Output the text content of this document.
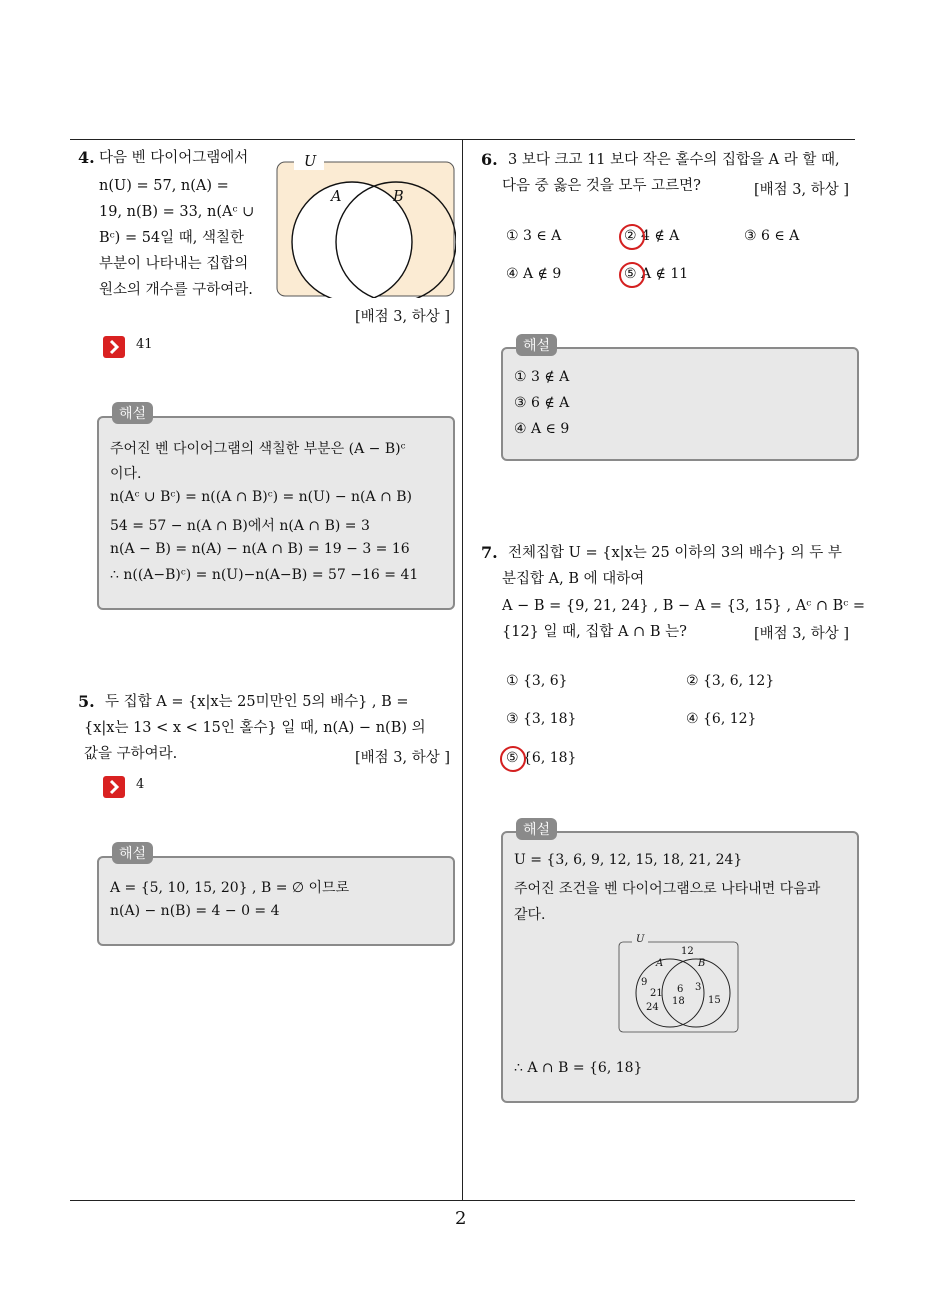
2
4. 다음 벤 다이어그램에서
n(U) = 57, n(A) =
19, n(B) = 33, n(Aᶜ ∪
Bᶜ) = 54일 때, 색칠한
부분이 나타내는 집합의
원소의 개수를 구하여라.
U
A	B
[배점 3, 하상 ]
41
해설
주어진 벤 다이어그램의 색칠한 부분은 (A − B)ᶜ
이다.
n(Aᶜ ∪ Bᶜ) = n((A ∩ B)ᶜ) = n(U) − n(A ∩ B)
54 = 57 − n(A ∩ B)에서 n(A ∩ B) = 3
n(A − B) = n(A) − n(A ∩ B) = 19 − 3 = 16
∴ n((A−B)ᶜ) = n(U)−n(A−B) = 57 −16 = 41
5. 두 집합 A = {x|x는 25미만인 5의 배수} , B =
{x|x는 13 < x < 15인 홀수} 일 때, n(A) − n(B) 의
값을 구하여라.	[배점 3, 하상 ]
4
해설
A = {5, 10, 15, 20} , B = ∅ 이므로
n(A) − n(B) = 4 − 0 = 4
6. 3 보다 크고 11 보다 작은 홀수의 집합을 A 라 할 때,
다음 중 옳은 것을 모두 고르면?	[배점 3, 하상 ]
① 3 ∈ A	② 4 ∉ A	③ 6 ∈ A
④ A ∉ 9	⑤ A ∉ 11
해설
① 3 ∉ A
③ 6 ∉ A
④ A ∈ 9
7. 전체집합 U = {x|x는 25 이하의 3의 배수} 의 두 부
분집합 A, B 에 대하여
A − B = {9, 21, 24} , B − A = {3, 15} , Aᶜ ∩ Bᶜ =
{12} 일 때, 집합 A ∩ B 는?	[배점 3, 하상 ]
① {3, 6}	② {3, 6, 12}
③ {3, 18}	④ {6, 12}
⑤ {6, 18}
해설
U = {3, 6, 9, 12, 15, 18, 21, 24}
주어진 조건을 벤 다이어그램으로 나타내면 다음과
같다.
∴ A ∩ B = {6, 18}
U
12
A	B
9
21
24
6
18
3
15
